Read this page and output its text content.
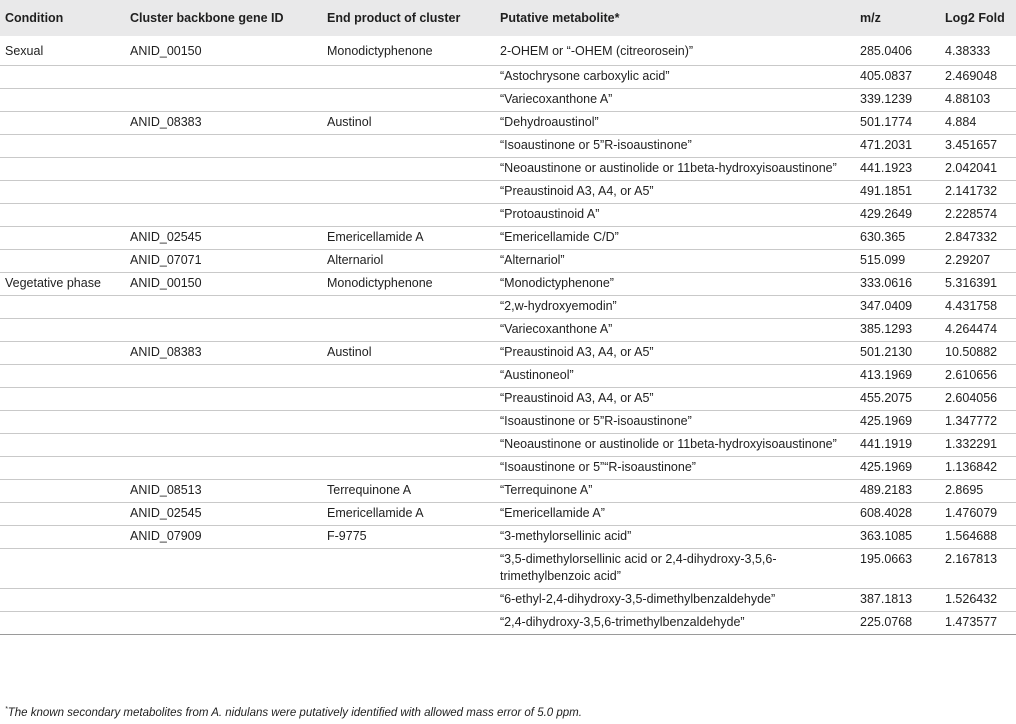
Condition	Cluster backbone gene ID	End product of cluster	Putative metabolite*	m/z	Log2 Fold
Sexual	ANID_00150	Monodictyphenone	2-OHEM or “-OHEM (citreorosein)”	285.0406	4.38333
			“Astochrysone carboxylic acid”	405.0837	2.469048
			“Variecoxanthone A”	339.1239	4.88103
	ANID_08383	Austinol	“Dehydroaustinol”	501.1774	4.884
			“Isoaustinone or 5”R-isoaustinone”	471.2031	3.451657
			“Neoaustinone or austinolide or 11beta-hydroxyisoaustinone”	441.1923	2.042041
			“Preaustinoid A3, A4, or A5”	491.1851	2.141732
			“Protoaustinoid A”	429.2649	2.228574
	ANID_02545	Emericellamide A	“Emericellamide C/D”	630.365	2.847332
	ANID_07071	Alternariol	“Alternariol”	515.099	2.29207
Vegetative phase	ANID_00150	Monodictyphenone	“Monodictyphenone”	333.0616	5.316391
			“2,w-hydroxyemodin”	347.0409	4.431758
			“Variecoxanthone A”	385.1293	4.264474
	ANID_08383	Austinol	“Preaustinoid A3, A4, or A5”	501.2130	10.50882
			“Austinoneol”	413.1969	2.610656
			“Preaustinoid A3, A4, or A5”	455.2075	2.604056
			“Isoaustinone or 5”R-isoaustinone”	425.1969	1.347772
			“Neoaustinone or austinolide or 11beta-hydroxyisoaustinone”	441.1919	1.332291
			“Isoaustinone or 5”“R-isoaustinone”	425.1969	1.136842
	ANID_08513	Terrequinone A	“Terrequinone A”	489.2183	2.8695
	ANID_02545	Emericellamide A	“Emericellamide A”	608.4028	1.476079
	ANID_07909	F-9775	“3-methylorsellinic acid”	363.1085	1.564688
			“3,5-dimethylorsellinic acid or 2,4-dihydroxy-3,5,6-trimethylbenzoic acid”	195.0663	2.167813
			“6-ethyl-2,4-dihydroxy-3,5-dimethylbenzaldehyde”	387.1813	1.526432
			“2,4-dihydroxy-3,5,6-trimethylbenzaldehyde”	225.0768	1.473577
*The known secondary metabolites from A. nidulans were putatively identified with allowed mass error of 5.0 ppm.
